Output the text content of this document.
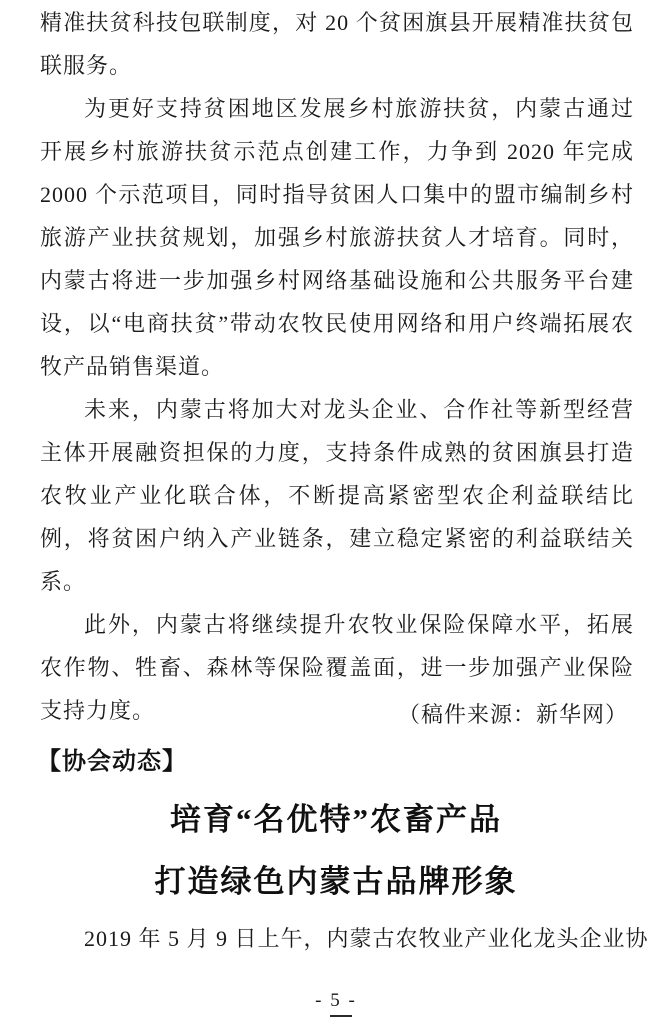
精准扶贫科技包联制度，对 20 个贫困旗县开展精准扶贫包联服务。

为更好支持贫困地区发展乡村旅游扶贫，内蒙古通过开展乡村旅游扶贫示范点创建工作，力争到 2020 年完成 2000 个示范项目，同时指导贫困人口集中的盟市编制乡村旅游产业扶贫规划，加强乡村旅游扶贫人才培育。同时，内蒙古将进一步加强乡村网络基础设施和公共服务平台建设，以“电商扶贫”带动农牧民使用网络和用户终端拓展农牧产品销售渠道。

未来，内蒙古将加大对龙头企业、合作社等新型经营主体开展融资担保的力度，支持条件成熟的贫困旗县打造农牧业产业化联合体，不断提高紧密型农企利益联结比例，将贫困户纳入产业链条，建立稳定紧密的利益联结关系。

此外，内蒙古将继续提升农牧业保险保障水平，拓展农作物、牲畜、森林等保险覆盖面，进一步加强产业保险支持力度。	（稿件来源：新华网）

【协会动态】
培育“名优特”农畜产品
打造绿色内蒙古品牌形象

2019 年 5 月 9 日上午，内蒙古农牧业产业化龙头企业协

- 5 -
